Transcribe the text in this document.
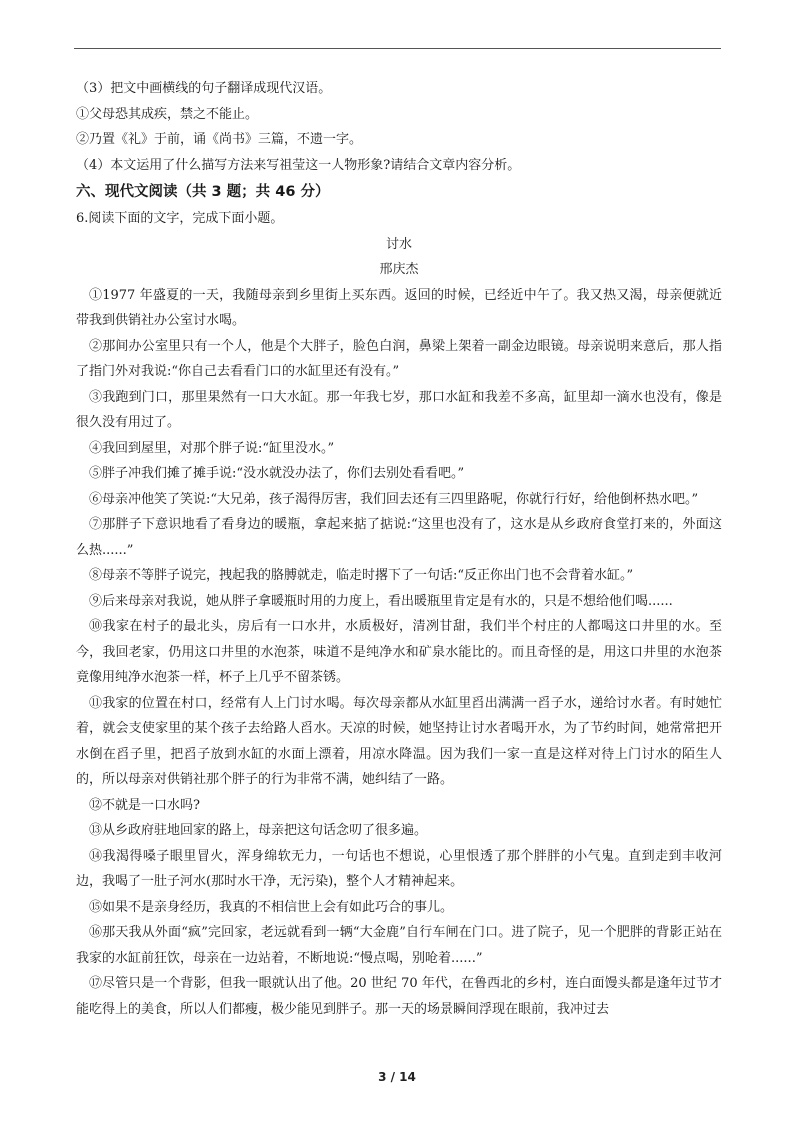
（3）把文中画横线的句子翻译成现代汉语。
①父母恐其成疾，禁之不能止。
②乃置《礼》于前，诵《尚书》三篇，不遗一字。
（4）本文运用了什么描写方法来写祖莹这一人物形象?请结合文章内容分析。
六、现代文阅读（共 3 题；共 46 分）
6.阅读下面的文字，完成下面小题。
讨水
邢庆杰

①1977 年盛夏的一天，我随母亲到乡里街上买东西。返回的时候，已经近中午了。我又热又渴，母亲便就近带我到供销社办公室讨水喝。

②那间办公室里只有一个人，他是个大胖子，脸色白润，鼻梁上架着一副金边眼镜。母亲说明来意后，那人指了指门外对我说:“你自己去看看门口的水缸里还有没有。”

③我跑到门口，那里果然有一口大水缸。那一年我七岁，那口水缸和我差不多高，缸里却一滴水也没有，像是很久没有用过了。

④我回到屋里，对那个胖子说:“缸里没水。”

⑤胖子冲我们摊了摊手说:“没水就没办法了，你们去别处看看吧。”

⑥母亲冲他笑了笑说:“大兄弟，孩子渴得厉害，我们回去还有三四里路呢，你就行行好，给他倒杯热水吧。”

⑦那胖子下意识地看了看身边的暖瓶，拿起来掂了掂说:“这里也没有了，这水是从乡政府食堂打来的，外面这么热......”

⑧母亲不等胖子说完，拽起我的胳膊就走，临走时撂下了一句话:“反正你出门也不会背着水缸。”

⑨后来母亲对我说，她从胖子拿暖瓶时用的力度上，看出暖瓶里肯定是有水的，只是不想给他们喝......

⑩我家在村子的最北头，房后有一口水井，水质极好，清冽甘甜，我们半个村庄的人都喝这口井里的水。至今，我回老家，仍用这口井里的水泡茶，味道不是纯净水和矿泉水能比的。而且奇怪的是，用这口井里的水泡茶竟像用纯净水泡茶一样，杯子上几乎不留茶锈。

⑪我家的位置在村口，经常有人上门讨水喝。每次母亲都从水缸里舀出满满一舀子水，递给讨水者。有时她忙着，就会支使家里的某个孩子去给路人舀水。天凉的时候，她坚持让讨水者喝开水，为了节约时间，她常常把开水倒在舀子里，把舀子放到水缸的水面上漂着，用凉水降温。因为我们一家一直是这样对待上门讨水的陌生人的，所以母亲对供销社那个胖子的行为非常不满，她纠结了一路。

⑫不就是一口水吗?

⑬从乡政府驻地回家的路上，母亲把这句话念叨了很多遍。

⑭我渴得嗓子眼里冒火，浑身绵软无力，一句话也不想说，心里恨透了那个胖胖的小气鬼。直到走到丰收河边，我喝了一肚子河水(那时水干净，无污染)，整个人才精神起来。

⑮如果不是亲身经历，我真的不相信世上会有如此巧合的事儿。

⑯那天我从外面“疯”完回家，老远就看到一辆“大金鹿”自行车闸在门口。进了院子，见一个肥胖的背影正站在我家的水缸前狂饮，母亲在一边站着，不断地说:“慢点喝，别呛着......”

⑰尽管只是一个背影，但我一眼就认出了他。20 世纪 70 年代，在鲁西北的乡村，连白面馒头都是逢年过节才能吃得上的美食，所以人们都瘦，极少能见到胖子。那一天的场景瞬间浮现在眼前，我冲过去

3 / 14
